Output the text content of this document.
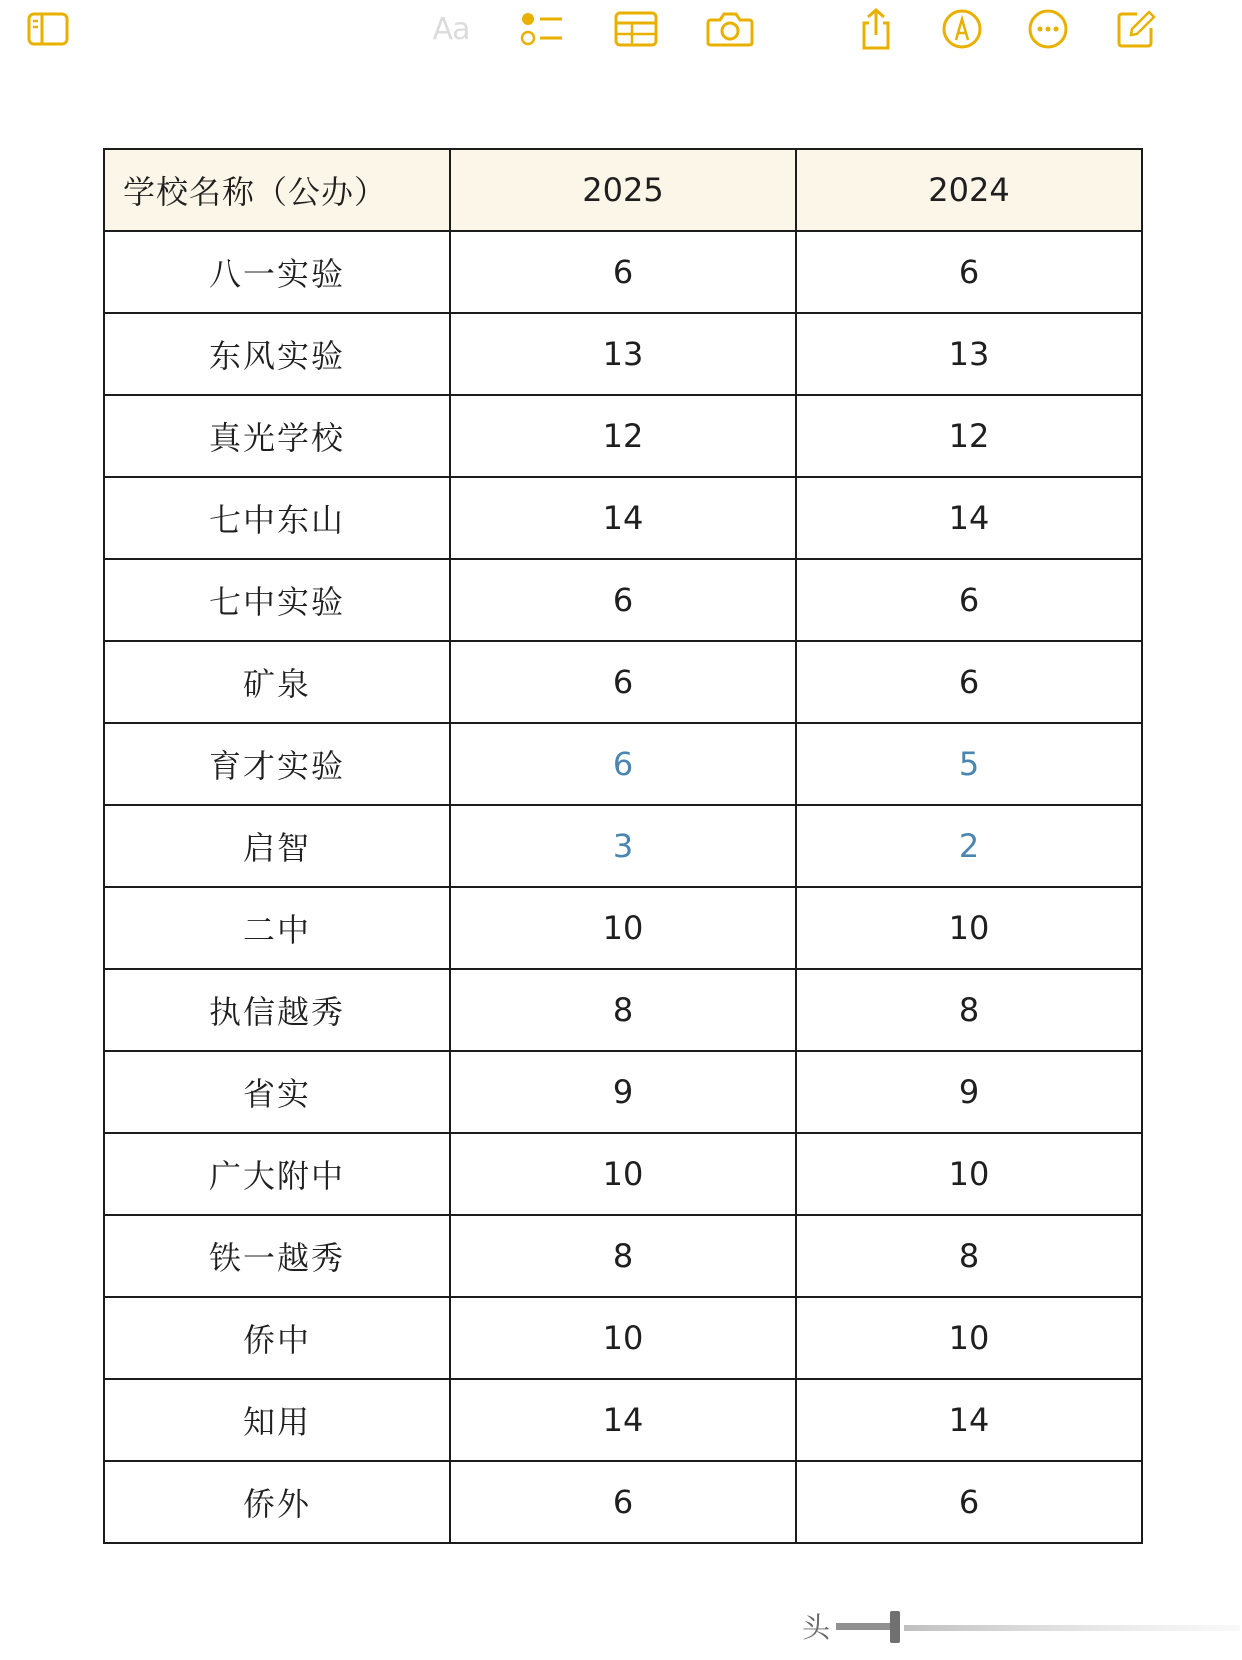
Aa
学校名称（公办）	2025	2024
八一实验	6	6
东风实验	13	13
真光学校	12	12
七中东山	14	14
七中实验	6	6
矿泉	6	6
育才实验	6	5
启智	3	2
二中	10	10
执信越秀	8	8
省实	9	9
广大附中	10	10
铁一越秀	8	8
侨中	10	10
知用	14	14
侨外	6	6
头
